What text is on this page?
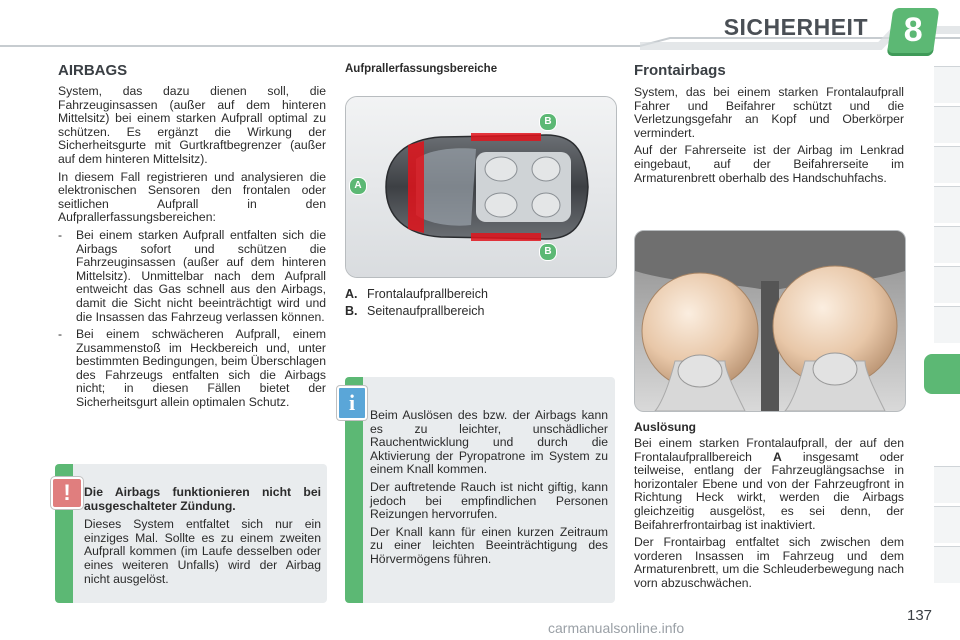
SICHERHEIT	8
AIRBAGS

System, das dazu dienen soll, die Fahrzeuginsassen (außer auf dem hinteren Mittelsitz) bei einem starken Aufprall optimal zu schützen. Es ergänzt die Wirkung der Sicherheitsgurte mit Gurtkraftbegrenzer (außer auf dem hinteren Mittelsitz).

In diesem Fall registrieren und analysieren die elektronischen Sensoren den frontalen oder seitlichen Aufprall in den Aufprallerfassungsbereichen:

- Bei einem starken Aufprall entfalten sich die Airbags sofort und schützen die Fahrzeuginsassen (außer auf dem hinteren Mittelsitz). Unmittelbar nach dem Aufprall entweicht das Gas schnell aus den Airbags, damit die Sicht nicht beeinträchtigt wird und die Insassen das Fahrzeug verlassen können.

- Bei einem schwächeren Aufprall, einem Zusammenstoß im Heckbereich und, unter bestimmten Bedingungen, beim Überschlagen des Fahrzeugs entfalten sich die Airbags nicht; in diesen Fällen bietet der Sicherheitsgurt allein optimalen Schutz.

!	Die Airbags funktionieren nicht bei ausgeschalteter Zündung.
Dieses System entfaltet sich nur ein einziges Mal. Sollte es zu einem zweiten Aufprall kommen (im Laufe desselben oder eines weiteren Unfalls) wird der Airbag nicht ausgelöst.
Aufprallerfassungsbereiche
A
B
B
A. Frontalaufprallbereich
B. Seitenaufprallbereich
i	Beim Auslösen des bzw. der Airbags kann es zu leichter, unschädlicher Rauchentwicklung und durch die Aktivierung der Pyropatrone im System zu einem Knall kommen.

Der auftretende Rauch ist nicht giftig, kann jedoch bei empfindlichen Personen Reizungen hervorrufen.

Der Knall kann für einen kurzen Zeitraum zu einer leichten Beeinträchtigung des Hörvermögens führen.

Frontairbags

System, das bei einem starken Frontalaufprall Fahrer und Beifahrer schützt und die Verletzungsgefahr an Kopf und Oberkörper vermindert.

Auf der Fahrerseite ist der Airbag im Lenkrad eingebaut, auf der Beifahrerseite im Armaturenbrett oberhalb des Handschuhfachs.

Auslösung

Bei einem starken Frontalaufprall, der auf den Frontalaufprallbereich A insgesamt oder teilweise, entlang der Fahrzeuglängsachse in horizontaler Ebene und von der Fahrzeugfront in Richtung Heck wirkt, werden die Airbags gleichzeitig ausgelöst, es sei denn, der Beifahrerfrontairbag ist inaktiviert.

Der Frontairbag entfaltet sich zwischen dem vorderen Insassen im Fahrzeug und dem Armaturenbrett, um die Schleuderbewegung nach vorn abzuschwächen.

137
carmanualsonline.info
